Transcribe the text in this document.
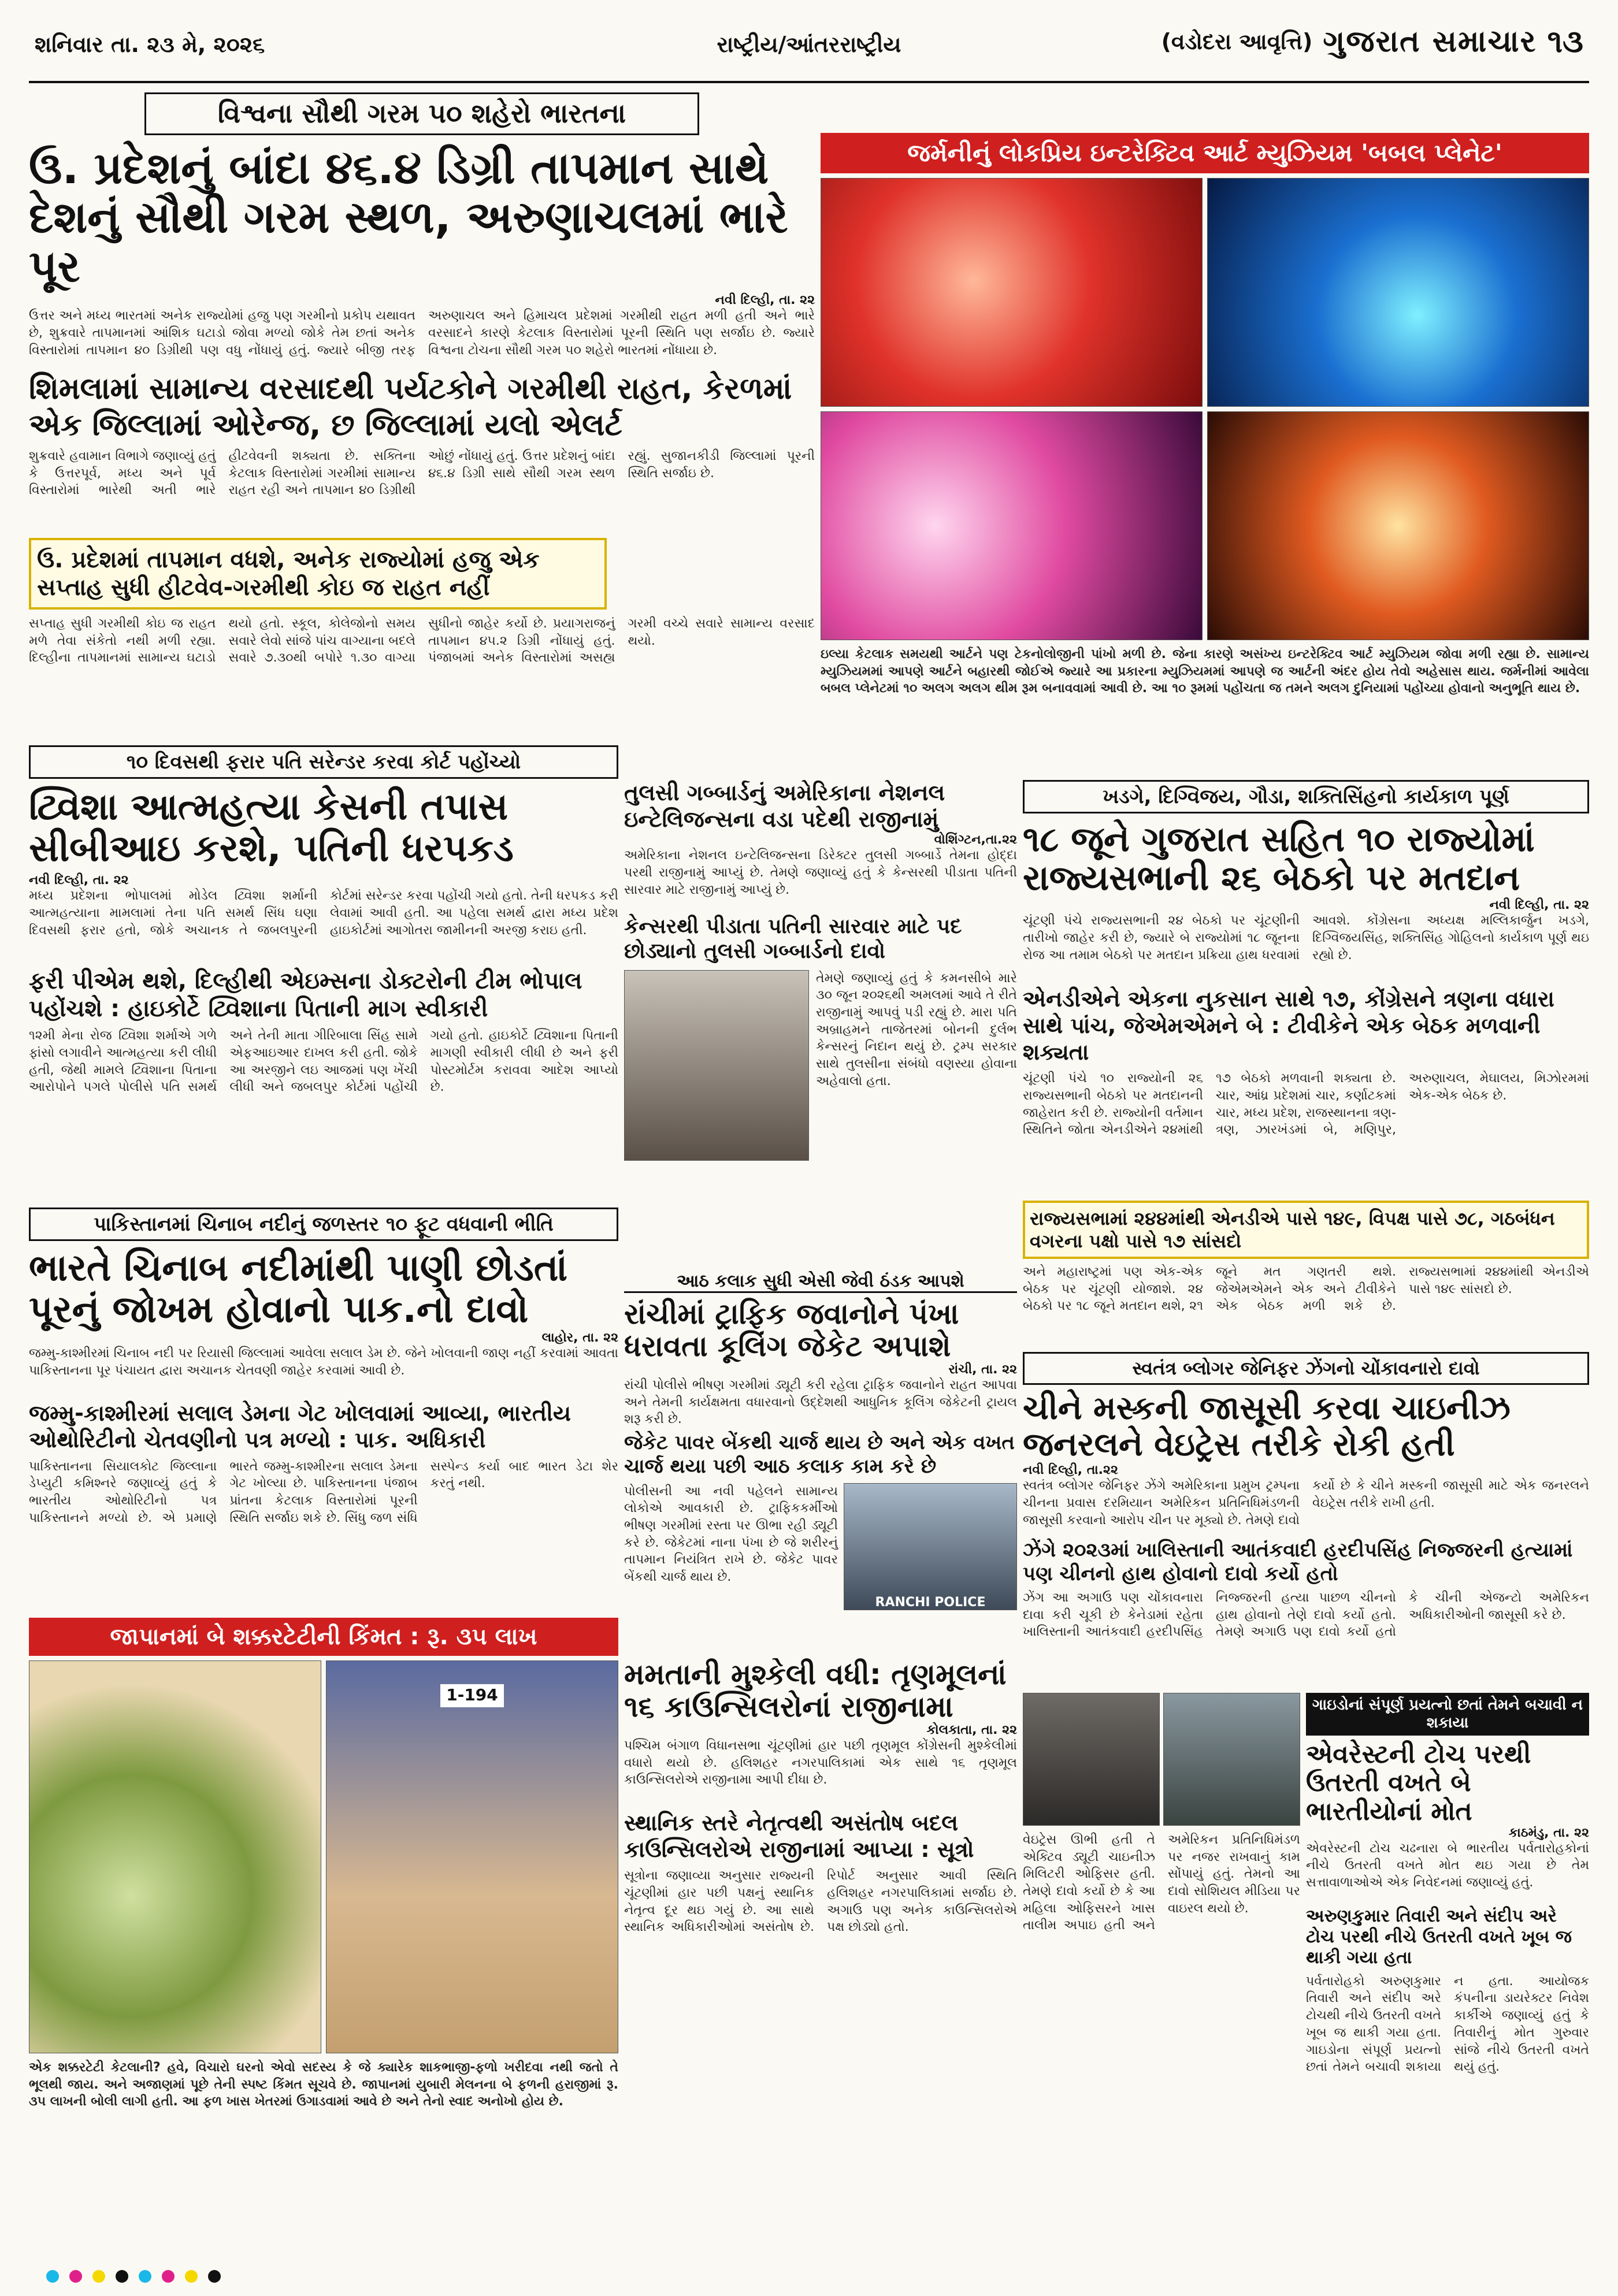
શનિવાર તા. ૨૩ મે, ૨૦૨૬	રાષ્ટ્રીય/આંતરરાષ્ટ્રીય	(વડોદરા આવૃત્તિ) ગુજરાત સમાચાર ૧૩
વિશ્વના સૌથી ગરમ ૫૦ શહેરો ભારતના
ઉ. પ્રદેશનું બાંદા ૪૬.૪ ડિગ્રી તાપમાન સાથે દેશનું સૌથી ગરમ સ્થળ, અરુણાચલમાં ભારે પૂર
નવી દિલ્હી, તા. ૨૨
ઉત્તર અને મધ્ય ભારતમાં અનેક રાજ્યોમાં હજુ પણ ગરમીનો પ્રકોપ યથાવત છે, શુક્રવારે તાપમાનમાં આંશિક ઘટાડો જોવા મળ્યો જોકે તેમ છતાં અનેક વિસ્તારોમાં તાપમાન ૪૦ ડિગ્રીથી પણ વધુ નોંધાયું હતું. જ્યારે બીજી તરફ અરુણાચલ અને હિમાચલ પ્રદેશમાં ગરમીથી રાહત મળી હતી અને ભારે વરસાદને કારણે કેટલાક વિસ્તારોમાં પૂરની સ્થિતિ પણ સર્જાઇ છે. જ્યારે વિશ્વના ટોચના સૌથી ગરમ ૫૦ શહેરો ભારતમાં નોંધાયા છે.
શિમલામાં સામાન્ય વરસાદથી પર્યટકોને ગરમીથી રાહત, કેરળમાં એક જિલ્લામાં ઓરેન્જ, છ જિલ્લામાં યલો એલર્ટ
શુક્રવારે હવામાન વિભાગે જણાવ્યું હતું કે ઉત્તરપૂર્વ, મધ્ય અને પૂર્વ વિસ્તારોમાં ભારેથી અતી ભારે હીટવેવની શક્યતા છે. સક્તિના કેટલાક વિસ્તારોમાં ગરમીમાં સામાન્ય રાહત રહી અને તાપમાન ૪૦ ડિગ્રીથી ઓછું નોંધાયું હતું. ઉત્તર પ્રદેશનું બાંદા ૪૬.૪ ડિગ્રી સાથે સૌથી ગરમ સ્થળ રહ્યું. સુજાનકીડી જિલ્લામાં પૂરની સ્થિતિ સર્જાઇ છે.
ઉ. પ્રદેશમાં તાપમાન વધશે, અનેક રાજ્યોમાં હજુ એક સપ્તાહ સુધી હીટવેવ-ગરમીથી કોઇ જ રાહત નહીં
સપ્તાહ સુધી ગરમીથી કોઇ જ રાહત મળે તેવા સંકેતો નથી મળી રહ્યા. દિલ્હીના તાપમાનમાં સામાન્ય ઘટાડો થયો હતો. સ્કૂલ, કોલેજોનો સમય સવારે લેવો સાંજે પાંચ વાગ્યાના બદલે સવારે ૭.૩૦થી બપોરે ૧.૩૦ વાગ્યા સુધીનો જાહેર કર્યો છે. પ્રયાગરાજનું તાપમાન ૪૫.૨ ડિગ્રી નોંધાયું હતું. પંજાબમાં અનેક વિસ્તારોમાં અસહ્ય ગરમી વચ્ચે સવારે સામાન્ય વરસાદ થયો.
જર્મનીનું લોકપ્રિય ઇન્ટરેક્ટિવ આર્ટ મ્યુઝિયમ 'બબલ પ્લેનેટ'
ઇલ્યા કેટલાક સમયથી આર્ટને પણ ટેકનોલોજીની પાંખો મળી છે. જેના કારણે અસંખ્ય ઇન્ટરેક્ટિવ આર્ટ મ્યુઝિયમ જોવા મળી રહ્યા છે. સામાન્ય મ્યુઝિયમમાં આપણે આર્ટને બહારથી જોઈએ જ્યારે આ પ્રકારના મ્યુઝિયમમાં આપણે જ આર્ટની અંદર હોય તેવો અહેસાસ થાય. જર્મનીમાં આવેલા બબલ પ્લેનેટમાં ૧૦ અલગ અલગ થીમ રૂમ બનાવવામાં આવી છે. આ ૧૦ રૂમમાં પહોંચતા જ તમને અલગ દુનિયામાં પહોંચ્યા હોવાનો અનુભૂતિ થાય છે.
૧૦ દિવસથી ફરાર પતિ સરેન્ડર કરવા કોર્ટ પહોંચ્યો
ટ્વિશા આત્મહત્યા કેસની તપાસ સીબીઆઇ કરશે, પતિની ધરપકડ
નવી દિલ્હી, તા. ૨૨
મધ્ય પ્રદેશના ભોપાલમાં મોડેલ ટ્વિશા શર્માની આત્મહત્યાના મામલામાં તેના પતિ સમર્થ સિંધ ઘણા દિવસથી ફરાર હતો, જોકે અચાનક તે જબલપુરની કોર્ટમાં સરેન્ડર કરવા પહોંચી ગયો હતો. તેની ધરપકડ કરી લેવામાં આવી હતી. આ પહેલા સમર્થ દ્વારા મધ્ય પ્રદેશ હાઇકોર્ટમાં આગોતરા જામીનની અરજી કરાઇ હતી.
ફરી પીએમ થશે, દિલ્હીથી એઇમ્સના ડોક્ટરોની ટીમ ભોપાલ પહોંચશે : હાઇકોર્ટે ટ્વિશાના પિતાની માગ સ્વીકારી
૧૨મી મેના રોજ ટ્વિશા શર્માએ ગળે ફાંસો લગાવીને આત્મહત્યા કરી લીધી હતી, જેથી મામલે ટ્વિશાના પિતાના આરોપોને પગલે પોલીસે પતિ સમર્થ અને તેની માતા ગીરિબાલા સિંહ સામે એફઆઇઆર દાખલ કરી હતી. જોકે આ અરજીને લઇ આજમાં પણ ખેંચી લીધી અને જબલપુર કોર્ટમાં પહોંચી ગયો હતો. હાઇકોર્ટે ટ્વિશાના પિતાની માગણી સ્વીકારી લીધી છે અને ફરી પોસ્ટમોર્ટમ કરાવવા આદેશ આપ્યો છે.
તુલસી ગબ્બાર્ડનું અમેરિકાના નેશનલ ઇન્ટેલિજન્સના વડા પદેથી રાજીનામું
વોશિંગ્ટન,તા.૨૨
અમેરિકાના નેશનલ ઇન્ટેલિજન્સના ડિરેક્ટર તુલસી ગબ્બાર્ડે તેમના હોદ્દા પરથી રાજીનામું આપ્યું છે. તેમણે જણાવ્યું હતું કે કેન્સરથી પીડાતા પતિની સારવાર માટે રાજીનામું આપ્યું છે.
કેન્સરથી પીડાતા પતિની સારવાર માટે પદ છોડ્યાનો તુલસી ગબ્બાર્ડનો દાવો
તેમણે જણાવ્યું હતું કે કમનસીબે મારે ૩૦ જૂન ૨૦૨૬થી અમલમાં આવે તે રીતે રાજીનામું આપવું પડી રહ્યું છે. મારા પતિ અબ્રાહમને તાજેતરમાં બોનની દુર્લભ કેન્સરનું નિદાન થયું છે. ટ્રમ્પ સરકાર સાથે તુલસીના સંબંધો વણસ્યા હોવાના અહેવાલો હતા.
ખડગે, દિગ્વિજય, ગૌડા, શક્તિસિંહનો કાર્યકાળ પૂર્ણ
૧૮ જૂને ગુજરાત સહિત ૧૦ રાજ્યોમાં રાજ્યસભાની ૨૬ બેઠકો પર મતદાન
નવી દિલ્હી, તા. ૨૨
ચૂંટણી પંચે રાજ્યસભાની ૨૪ બેઠકો પર ચૂંટણીની તારીખો જાહેર કરી છે, જ્યારે બે રાજ્યોમાં ૧૮ જૂનના રોજ આ તમામ બેઠકો પર મતદાન પ્રક્રિયા હાથ ધરવામાં આવશે. કોંગ્રેસના અધ્યક્ષ મલ્લિકાર્જુન ખડગે, દિગ્વિજયસિંહ, શક્તિસિંહ ગોહિલનો કાર્યકાળ પૂર્ણ થઇ રહ્યો છે.
એનડીએને એકના નુકસાન સાથે ૧૭, કોંગ્રેસને ત્રણના વધારા સાથે પાંચ, જેએમએમને બે : ટીવીકેને એક બેઠક મળવાની શક્યતા
ચૂંટણી પંચે ૧૦ રાજ્યોની ૨૬ રાજ્યસભાની બેઠકો પર મતદાનની જાહેરાત કરી છે. રાજ્યોની વર્તમાન સ્થિતિને જોતા એનડીએને ૨૪માંથી ૧૭ બેઠકો મળવાની શક્યતા છે. ચાર, આંધ્ર પ્રદેશમાં ચાર, કર્ણાટકમાં ચાર, મધ્ય પ્રદેશ, રાજસ્થાનના ત્રણ-ત્રણ, ઝારખંડમાં બે, મણિપુર, અરુણાચલ, મેઘાલય, મિઝોરમમાં એક-એક બેઠક છે.
રાજ્યસભામાં ૨૪૪માંથી એનડીએ પાસે ૧૪૯, વિપક્ષ પાસે ૭૮, ગઠબંધન વગરના પક્ષો પાસે ૧૭ સાંસદો
અને મહારાષ્ટ્રમાં પણ એક-એક બેઠક પર ચૂંટણી યોજાશે. ૨૪ બેઠકો પર ૧૮ જૂને મતદાન થશે, ૨૧ જૂને મત ગણતરી થશે. જેએમએમને એક અને ટીવીકેને એક બેઠક મળી શકે છે. રાજ્યસભામાં ૨૪૪માંથી એનડીએ પાસે ૧૪૯ સાંસદો છે.
પાકિસ્તાનમાં ચિનાબ નદીનું જળસ્તર ૧૦ ફૂટ વધવાની ભીતિ
ભારતે ચિનાબ નદીમાંથી પાણી છોડતાં પૂરનું જોખમ હોવાનો પાક.નો દાવો
લાહોર, તા. ૨૨
જમ્મુ-કાશ્મીરમાં ચિનાબ નદી પર રિયાસી જિલ્લામાં આવેલા સલાલ ડેમ છે. જેને ખોલવાની જાણ નહીં કરવામાં આવતા પાકિસ્તાનના પૂર પંચાયત દ્વારા અચાનક ચેતવણી જાહેર કરવામાં આવી છે.
જમ્મુ-કાશ્મીરમાં સલાલ ડેમના ગેટ ખોલવામાં આવ્યા, ભારતીય ઓથોરિટીનો ચેતવણીનો પત્ર મળ્યો : પાક. અધિકારી
પાકિસ્તાનના સિયાલકોટ જિલ્લાના ડેપ્યુટી કમિશ્નરે જણાવ્યું હતું કે ભારતીય ઓથોરિટીનો પત્ર પાકિસ્તાનને મળ્યો છે. એ પ્રમાણે ભારતે જમ્મુ-કાશ્મીરના સલાલ ડેમના ગેટ ખોલ્યા છે. પાકિસ્તાનના પંજાબ પ્રાંતના કેટલાક વિસ્તારોમાં પૂરની સ્થિતિ સર્જાઇ શકે છે. સિંધુ જળ સંધિ સસ્પેન્ડ કર્યા બાદ ભારત ડેટા શેર કરતું નથી.
આઠ કલાક સુધી એસી જેવી ઠંડક આપશે
રાંચીમાં ટ્રાફિક જવાનોને પંખા ધરાવતા કૂલિંગ જેકેટ અપાશે
રાંચી, તા. ૨૨
રાંચી પોલીસે ભીષણ ગરમીમાં ડ્યૂટી કરી રહેલા ટ્રાફિક જવાનોને રાહત આપવા અને તેમની કાર્યક્ષમતા વધારવાનો ઉદ્દેશથી આધુનિક કૂલિંગ જેકેટની ટ્રાયલ શરૂ કરી છે.
જેકેટ પાવર બેંકથી ચાર્જ થાય છે અને એક વખત ચાર્જ થયા પછી આઠ કલાક કામ કરે છે
પોલીસની આ નવી પહેલને સામાન્ય લોકોએ આવકારી છે. ટ્રાફિકકર્મીઓ ભીષણ ગરમીમાં રસ્તા પર ઊભા રહી ડ્યૂટી કરે છે. જેકેટમાં નાના પંખા છે જે શરીરનું તાપમાન નિયંત્રિત રાખે છે. જેકેટ પાવર બેંકથી ચાર્જ થાય છે.
RANCHI POLICE
સ્વતંત્ર બ્લોગર જેનિફર ઝેંગનો ચોંકાવનારો દાવો
ચીને મસ્કની જાસૂસી કરવા ચાઇનીઝ જનરલને વેઇટ્રેસ તરીકે રોકી હતી
નવી દિલ્હી, તા.૨૨
સ્વતંત્ર બ્લોગર જેનિફર ઝેંગે અમેરિકાના પ્રમુખ ટ્રમ્પના ચીનના પ્રવાસ દરમિયાન અમેરિકન પ્રતિનિધિમંડળની જાસૂસી કરવાનો આરોપ ચીન પર મૂક્યો છે. તેમણે દાવો કર્યો છે કે ચીને મસ્કની જાસૂસી માટે એક જનરલને વેઇટ્રેસ તરીકે રાખી હતી.
ઝેંગે ૨૦૨૩માં ખાલિસ્તાની આતંકવાદી હરદીપસિંહ નિજ્જરની હત્યામાં પણ ચીનનો હાથ હોવાનો દાવો કર્યો હતો
ઝેંગ આ અગાઉ પણ ચોંકાવનારા દાવા કરી ચૂકી છે કેનેડામાં રહેતા ખાલિસ્તાની આતંકવાદી હરદીપસિંહ નિજ્જરની હત્યા પાછળ ચીનનો હાથ હોવાનો તેણે દાવો કર્યો હતો. તેમણે અગાઉ પણ દાવો કર્યો હતો કે ચીની એજન્ટો અમેરિકન અધિકારીઓની જાસૂસી કરે છે.
જાપાનમાં બે શક્કરટેટીની કિંમત : રૂ. ૩૫ લાખ
1-194
એક શક્કરટેટી કેટલાની? હવે, વિચારો ઘરનો એવો સદસ્ય કે જે ક્યારેક શાકભાજી-ફળો ખરીદવા નથી જતો તે ભૂલથી જાય. અને અજાણમાં પૂછે તેની સ્પષ્ટ કિંમત સૂચવે છે. જાપાનમાં યુબારી મેલનના બે ફળની હરાજીમાં રૂ. ૩૫ લાખની બોલી લાગી હતી. આ ફળ ખાસ ખેતરમાં ઉગાડવામાં આવે છે અને તેનો સ્વાદ અનોખો હોય છે.
મમતાની મુશ્કેલી વધી: તૃણમૂલનાં ૧૬ કાઉન્સિલરોનાં રાજીનામા
કોલકાતા, તા. ૨૨
પશ્ચિમ બંગાળ વિધાનસભા ચૂંટણીમાં હાર પછી તૃણમૂલ કોંગ્રેસની મુશ્કેલીમાં વધારો થયો છે. હલિશહર નગરપાલિકામાં એક સાથે ૧૬ તૃણમૂલ કાઉન્સિલરોએ રાજીનામા આપી દીધા છે.
સ્થાનિક સ્તરે નેતૃત્વથી અસંતોષ બદલ કાઉન્સિલરોએ રાજીનામાં આપ્યા : સૂત્રો
સૂત્રોના જણાવ્યા અનુસાર રાજ્યની ચૂંટણીમાં હાર પછી પક્ષનું સ્થાનિક નેતૃત્વ દૂર થઇ ગયું છે. આ સાથે સ્થાનિક અધિકારીઓમાં અસંતોષ છે. રિપોર્ટ અનુસાર આવી સ્થિતિ હલિશહર નગરપાલિકામાં સર્જાઇ છે. અગાઉ પણ અનેક કાઉન્સિલરોએ પક્ષ છોડ્યો હતો.
વેઇટ્રેસ ઊભી હતી તે એક્ટિવ ડ્યૂટી ચાઇનીઝ મિલિટરી ઓફિસર હતી. તેમણે દાવો કર્યો છે કે આ મહિલા ઓફિસરને ખાસ તાલીમ અપાઇ હતી અને અમેરિકન પ્રતિનિધિમંડળ પર નજર રાખવાનું કામ સોંપાયું હતું. તેમનો આ દાવો સોશિયલ મીડિયા પર વાઇરલ થયો છે.
ગાઇડોનાં સંપૂર્ણ પ્રયત્નો છતાં તેમને બચાવી ન શકાયા
એવરેસ્ટની ટોચ પરથી ઉતરતી વખતે બે ભારતીયોનાં મોત
કાઠમંડુ, તા. ૨૨
એવરેસ્ટની ટોચ ચઢનારા બે ભારતીય પર્વતારોહકોનાં નીચે ઉતરતી વખતે મોત થઇ ગયા છે તેમ સત્તાવાળાઓએ એક નિવેદનમાં જણાવ્યું હતું.
અરુણકુમાર તિવારી અને સંદીપ અરે ટોચ પરથી નીચે ઉતરતી વખતે ખૂબ જ થાકી ગયા હતા
પર્વતારોહકો અરુણકુમાર તિવારી અને સંદીપ અરે ટોચથી નીચે ઉતરતી વખતે ખૂબ જ થાકી ગયા હતા. ગાઇડોના સંપૂર્ણ પ્રયત્નો છતાં તેમને બચાવી શકાયા ન હતા. આયોજક કંપનીના ડાયરેક્ટર નિવેશ કાર્કીએ જણાવ્યું હતું કે તિવારીનું મોત ગુરુવાર સાંજે નીચે ઉતરતી વખતે થયું હતું.
